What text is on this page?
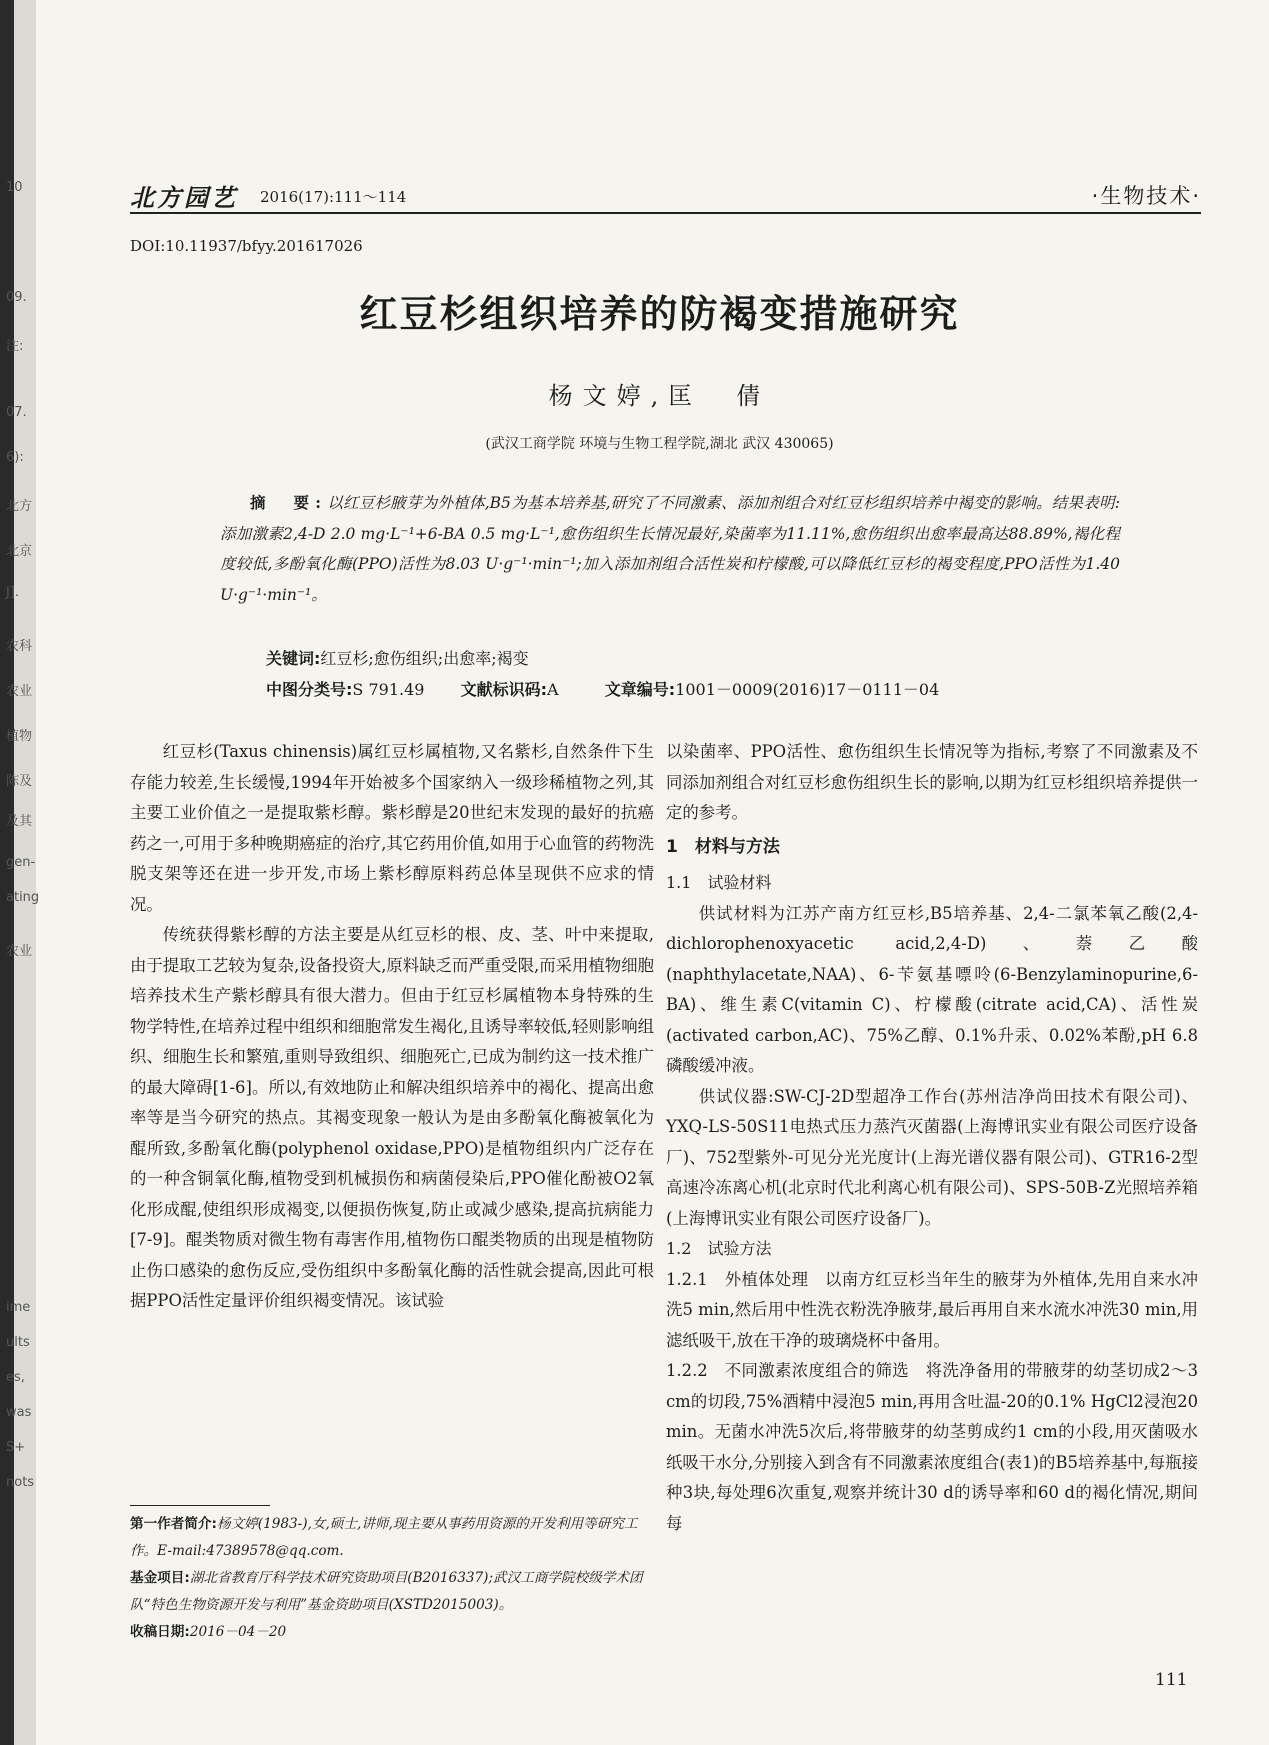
10
09.
注:
07.
6):
北方
北京
J].
农科
农业
植物
陈及
及其
gen-
ating
农业
ime
ults
es,
was
S+
nots
北方园艺 2016(17):111～114	·生物技术·
DOI:10.11937/bfyy.201617026
红豆杉组织培养的防褐变措施研究
杨文婷,匡　倩
(武汉工商学院 环境与生物工程学院,湖北 武汉 430065)
摘　要:以红豆杉腋芽为外植体,B5为基本培养基,研究了不同激素、添加剂组合对红豆杉组织培养中褐变的影响。结果表明:添加激素2,4-D 2.0 mg·L⁻¹+6-BA 0.5 mg·L⁻¹,愈伤组织生长情况最好,染菌率为11.11%,愈伤组织出愈率最高达88.89%,褐化程度较低,多酚氧化酶(PPO)活性为8.03 U·g⁻¹·min⁻¹;加入添加剂组合活性炭和柠檬酸,可以降低红豆杉的褐变程度,PPO活性为1.40 U·g⁻¹·min⁻¹。
关键词:红豆杉;愈伤组织;出愈率;褐变
中图分类号:S 791.49 文献标识码:A	文章编号:1001－0009(2016)17－0111－04

红豆杉(Taxus chinensis)属红豆杉属植物,又名紫杉,自然条件下生存能力较差,生长缓慢,1994年开始被多个国家纳入一级珍稀植物之列,其主要工业价值之一是提取紫杉醇。紫杉醇是20世纪末发现的最好的抗癌药之一,可用于多种晚期癌症的治疗,其它药用价值,如用于心血管的药物洗脱支架等还在进一步开发,市场上紫杉醇原料药总体呈现供不应求的情况。

传统获得紫杉醇的方法主要是从红豆杉的根、皮、茎、叶中来提取,由于提取工艺较为复杂,设备投资大,原料缺乏而严重受限,而采用植物细胞培养技术生产紫杉醇具有很大潜力。但由于红豆杉属植物本身特殊的生物学特性,在培养过程中组织和细胞常发生褐化,且诱导率较低,轻则影响组织、细胞生长和繁殖,重则导致组织、细胞死亡,已成为制约这一技术推广的最大障碍[1-6]。所以,有效地防止和解决组织培养中的褐化、提高出愈率等是当今研究的热点。其褐变现象一般认为是由多酚氧化酶被氧化为醌所致,多酚氧化酶(polyphenol oxidase,PPO)是植物组织内广泛存在的一种含铜氧化酶,植物受到机械损伤和病菌侵染后,PPO催化酚被O2氧化形成醌,使组织形成褐变,以便损伤恢复,防止或减少感染,提高抗病能力[7-9]。醌类物质对微生物有毒害作用,植物伤口醌类物质的出现是植物防止伤口感染的愈伤反应,受伤组织中多酚氧化酶的活性就会提高,因此可根据PPO活性定量评价组织褐变情况。该试验

第一作者简介:杨文婷(1983-),女,硕士,讲师,现主要从事药用资源的开发利用等研究工作。E-mail:47389578@qq.com.

基金项目:湖北省教育厅科学技术研究资助项目(B2016337);武汉工商学院校级学术团队“特色生物资源开发与利用”基金资助项目(XSTD2015003)。

收稿日期:2016－04－20

以染菌率、PPO活性、愈伤组织生长情况等为指标,考察了不同激素及不同添加剂组合对红豆杉愈伤组织生长的影响,以期为红豆杉组织培养提供一定的参考。

1　材料与方法
1.1　试验材料

供试材料为江苏产南方红豆杉,B5培养基、2,4-二氯苯氧乙酸(2,4-dichlorophenoxyacetic acid,2,4-D)、萘乙酸(naphthylacetate,NAA)、6-苄氨基嘌呤(6-Benzylaminopurine,6-BA)、维生素C(vitamin C)、柠檬酸(citrate acid,CA)、活性炭(activated carbon,AC)、75%乙醇、0.1%升汞、0.02%苯酚,pH 6.8磷酸缓冲液。

供试仪器:SW-CJ-2D型超净工作台(苏州洁净尚田技术有限公司)、YXQ-LS-50S11电热式压力蒸汽灭菌器(上海博讯实业有限公司医疗设备厂)、752型紫外-可见分光光度计(上海光谱仪器有限公司)、GTR16-2型高速冷冻离心机(北京时代北利离心机有限公司)、SPS-50B-Z光照培养箱(上海博讯实业有限公司医疗设备厂)。

1.2　试验方法

1.2.1　外植体处理　以南方红豆杉当年生的腋芽为外植体,先用自来水冲洗5 min,然后用中性洗衣粉洗净腋芽,最后再用自来水流水冲洗30 min,用滤纸吸干,放在干净的玻璃烧杯中备用。

1.2.2　不同激素浓度组合的筛选　将洗净备用的带腋芽的幼茎切成2～3 cm的切段,75%酒精中浸泡5 min,再用含吐温-20的0.1% HgCl2浸泡20 min。无菌水冲洗5次后,将带腋芽的幼茎剪成约1 cm的小段,用灭菌吸水纸吸干水分,分别接入到含有不同激素浓度组合(表1)的B5培养基中,每瓶接种3块,每处理6次重复,观察并统计30 d的诱导率和60 d的褐化情况,期间每

111
